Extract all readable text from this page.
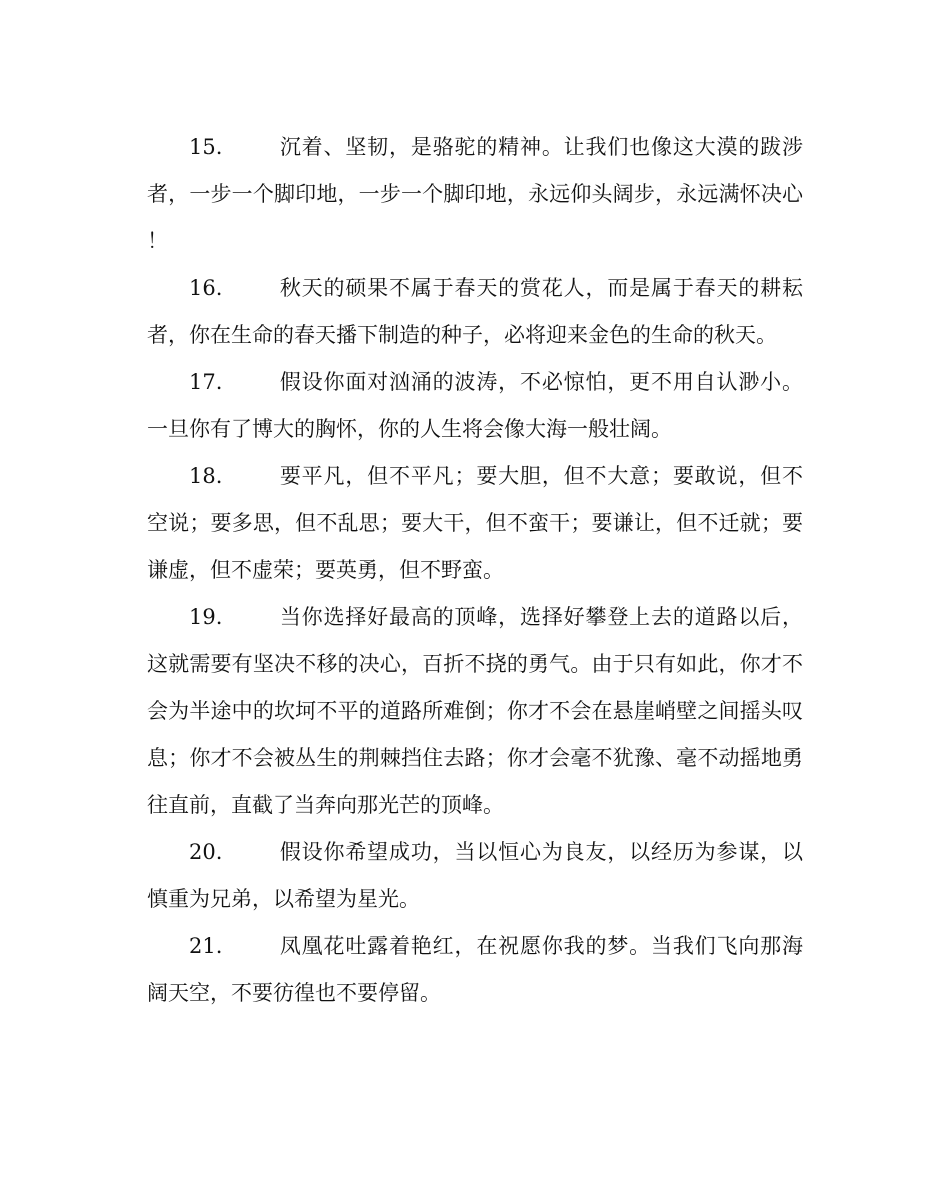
15.	沉着、坚韧，是骆驼的精神。让我们也像这大漠的跋涉者，一步一个脚印地，一步一个脚印地，永远仰头阔步，永远满怀决心！

16.	秋天的硕果不属于春天的赏花人，而是属于春天的耕耘者，你在生命的春天播下制造的种子，必将迎来金色的生命的秋天。

17.	假设你面对汹涌的波涛，不必惊怕，更不用自认渺小。一旦你有了博大的胸怀，你的人生将会像大海一般壮阔。

18.	要平凡，但不平凡；要大胆，但不大意；要敢说，但不空说；要多思，但不乱思；要大干，但不蛮干；要谦让，但不迁就；要谦虚，但不虚荣；要英勇，但不野蛮。

19.	当你选择好最高的顶峰，选择好攀登上去的道路以后，这就需要有坚决不移的决心，百折不挠的勇气。由于只有如此，你才不会为半途中的坎坷不平的道路所难倒；你才不会在悬崖峭壁之间摇头叹息；你才不会被丛生的荆棘挡住去路；你才会毫不犹豫、毫不动摇地勇往直前，直截了当奔向那光芒的顶峰。

20.	假设你希望成功，当以恒心为良友，以经历为参谋，以慎重为兄弟，以希望为星光。

21.	凤凰花吐露着艳红，在祝愿你我的梦。当我们飞向那海阔天空，不要彷徨也不要停留。
